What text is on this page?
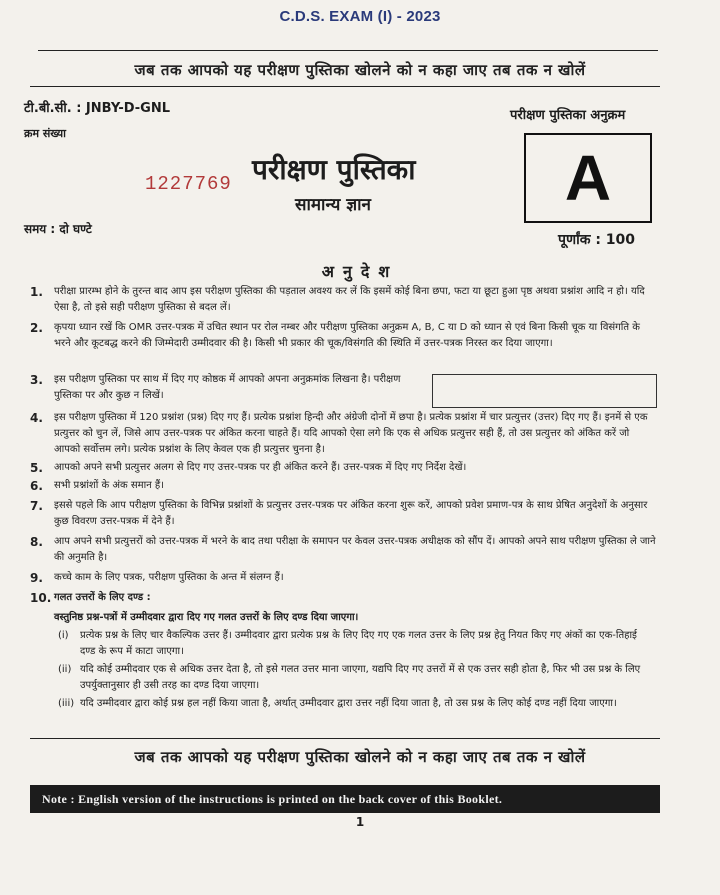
C.D.S. EXAM (I) - 2023
जब तक आपको यह परीक्षण पुस्तिका खोलने को न कहा जाए तब तक न खोलें
टी.बी.सी. : JNBY-D-GNL	परीक्षण पुस्तिका अनुक्रम
क्रम संख्या
1227769 परीक्षण पुस्तिका
सामान्य ज्ञान	A
समय : दो घण्टे
पूर्णांक : 100
अनुदेश
1. परीक्षा प्रारम्भ होने के तुरन्त बाद आप इस परीक्षण पुस्तिका की पड़ताल अवश्य कर लें कि इसमें कोई बिना छपा, फटा या छूटा हुआ पृष्ठ अथवा प्रश्नांश आदि न हो। यदि ऐसा है, तो इसे सही परीक्षण पुस्तिका से बदल लें।
2. कृपया ध्यान रखें कि OMR उत्तर-पत्रक में उचित स्थान पर रोल नम्बर और परीक्षण पुस्तिका अनुक्रम A, B, C या D को ध्यान से एवं बिना किसी चूक या विसंगति के भरने और कूटबद्ध करने की जिम्मेदारी उम्मीदवार की है। किसी भी प्रकार की चूक/विसंगति की स्थिति में उत्तर-पत्रक निरस्त कर दिया जाएगा।
3. इस परीक्षण पुस्तिका पर साथ में दिए गए कोष्ठक में आपको अपना अनुक्रमांक लिखना है। परीक्षण पुस्तिका पर और कुछ न लिखें।
4. इस परीक्षण पुस्तिका में 120 प्रश्नांश (प्रश्न) दिए गए हैं। प्रत्येक प्रश्नांश हिन्दी और अंग्रेजी दोनों में छपा है। प्रत्येक प्रश्नांश में चार प्रत्युत्तर (उत्तर) दिए गए हैं। इनमें से एक प्रत्युत्तर को चुन लें, जिसे आप उत्तर-पत्रक पर अंकित करना चाहते हैं। यदि आपको ऐसा लगे कि एक से अधिक प्रत्युत्तर सही हैं, तो उस प्रत्युत्तर को अंकित करें जो आपको सर्वोत्तम लगे। प्रत्येक प्रश्नांश के लिए केवल एक ही प्रत्युत्तर चुनना है।
5. आपको अपने सभी प्रत्युत्तर अलग से दिए गए उत्तर-पत्रक पर ही अंकित करने हैं। उत्तर-पत्रक में दिए गए निर्देश देखें।
6. सभी प्रश्नांशों के अंक समान हैं।
7. इससे पहले कि आप परीक्षण पुस्तिका के विभिन्न प्रश्नांशों के प्रत्युत्तर उत्तर-पत्रक पर अंकित करना शुरू करें, आपको प्रवेश प्रमाण-पत्र के साथ प्रेषित अनुदेशों के अनुसार कुछ विवरण उत्तर-पत्रक में देने हैं।
8. आप अपने सभी प्रत्युत्तरों को उत्तर-पत्रक में भरने के बाद तथा परीक्षा के समापन पर केवल उत्तर-पत्रक अधीक्षक को सौंप दें। आपको अपने साथ परीक्षण पुस्तिका ले जाने की अनुमति है।
9. कच्चे काम के लिए पत्रक, परीक्षण पुस्तिका के अन्त में संलग्न हैं।
10. गलत उत्तरों के लिए दण्ड :
वस्तुनिष्ठ प्रश्न-पत्रों में उम्मीदवार द्वारा दिए गए गलत उत्तरों के लिए दण्ड दिया जाएगा।
(i) प्रत्येक प्रश्न के लिए चार वैकल्पिक उत्तर हैं। उम्मीदवार द्वारा प्रत्येक प्रश्न के लिए दिए गए एक गलत उत्तर के लिए प्रश्न हेतु नियत किए गए अंकों का एक-तिहाई दण्ड के रूप में काटा जाएगा।
(ii) यदि कोई उम्मीदवार एक से अधिक उत्तर देता है, तो इसे गलत उत्तर माना जाएगा, यद्यपि दिए गए उत्तरों में से एक उत्तर सही होता है, फिर भी उस प्रश्न के लिए उपर्युक्तानुसार ही उसी तरह का दण्ड दिया जाएगा।
(iii) यदि उम्मीदवार द्वारा कोई प्रश्न हल नहीं किया जाता है, अर्थात् उम्मीदवार द्वारा उत्तर नहीं दिया जाता है, तो उस प्रश्न के लिए कोई दण्ड नहीं दिया जाएगा।
जब तक आपको यह परीक्षण पुस्तिका खोलने को न कहा जाए तब तक न खोलें
Note : English version of the instructions is printed on the back cover of this Booklet.
1
